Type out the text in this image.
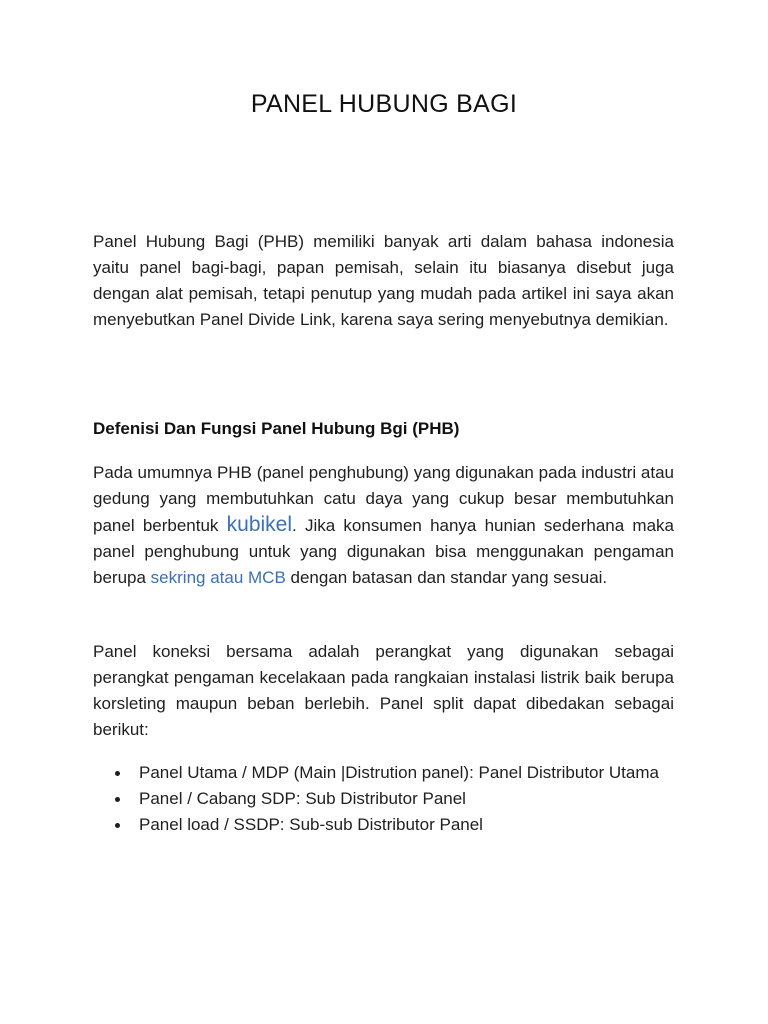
PANEL HUBUNG BAGI

Panel Hubung Bagi (PHB) memiliki banyak arti dalam bahasa indonesia yaitu panel bagi-bagi, papan pemisah, selain itu biasanya disebut juga dengan alat pemisah, tetapi penutup yang mudah pada artikel ini saya akan menyebutkan Panel Divide Link, karena saya sering menyebutnya demikian.

Defenisi Dan Fungsi Panel Hubung Bgi (PHB)

Pada umumnya PHB (panel penghubung) yang digunakan pada industri atau gedung yang membutuhkan catu daya yang cukup besar membutuhkan panel berbentuk kubikel. Jika konsumen hanya hunian sederhana maka panel penghubung untuk yang digunakan bisa menggunakan pengaman berupa sekring atau MCB dengan batasan dan standar yang sesuai.

Panel koneksi bersama adalah perangkat yang digunakan sebagai perangkat pengaman kecelakaan pada rangkaian instalasi listrik baik berupa korsleting maupun beban berlebih. Panel split dapat dibedakan sebagai berikut:

Panel Utama / MDP (Main |Distrution panel): Panel Distributor Utama
Panel / Cabang SDP: Sub Distributor Panel
Panel load / SSDP: Sub-sub Distributor Panel
